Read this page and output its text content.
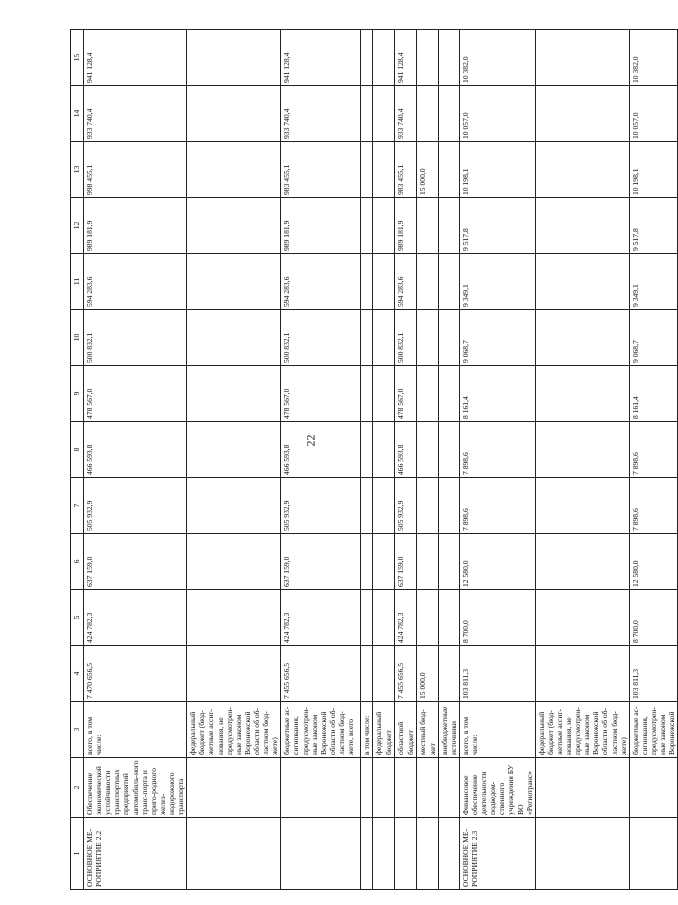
22
1	2	3	4	5	6	7	8	9	10	11	12	13	14	15
ОСНОВНОЕ МЕ-РОПРИЯТИЕ 2.2	Обеспечение экономической устойчивости транспортных предприятий автомобиль-ного транс-порта и приго-родного желез-нодорожного транспорта	всего, в том числе:	7 470 656,5	424 782,3	637 159,0	505 932,9	466 593,8	478 567,0	500 832,1	594 283,6	989 181,9	998 455,1	933 740,4	941 128,4
		федеральный бюджет (бюд-жетные ассиг-нования, не предусмотрен-ные законом Воронежской области об об-ластном бюд-жете)												
		бюджетные ас-сигнования, предусмотрен-ные законом Воронежской области об об-ластном бюд-жете, всего	7 455 656,5	424 782,3	637 159,0	505 932,9	466 593,8	478 567,0	500 832,1	594 283,6	989 181,9	983 455,1	933 740,4	941 128,4
		в том числе:												
		федеральный бюджет												
		областной бюджет	7 455 656,5	424 782,3	637 159,0	505 932,9	466 593,8	478 567,0	500 832,1	594 283,6	989 181,9	983 455,1	933 740,4	941 128,4
		местный бюд-жет	15 000,0									15 000,0		
		внебюджетные источники												
ОСНОВНОЕ МЕ-РОПРИЯТИЕ 2.3	Финансовое обеспечение деятельности подведом-ственного учреждения БУ ВО «Региотранс»	всего, в том числе:	103 811,3	8 700,0	12 580,0	7 898,6	7 898,6	8 161,4	9 068,7	9 349,1	9 517,8	10 198,1	10 057,0	10 382,0
		федеральный бюджет (бюд-жетные ассиг-нования, не предусмотрен-ные законом Воронежской области об об-ластном бюд-жете)												
		бюджетные ас-сигнования, предусмотрен-ные законом Воронежской	103 811,3	8 700,0	12 580,0	7 898,6	7 898,6	8 161,4	9 068,7	9 349,1	9 517,8	10 198,1	10 057,0	10 382,0
